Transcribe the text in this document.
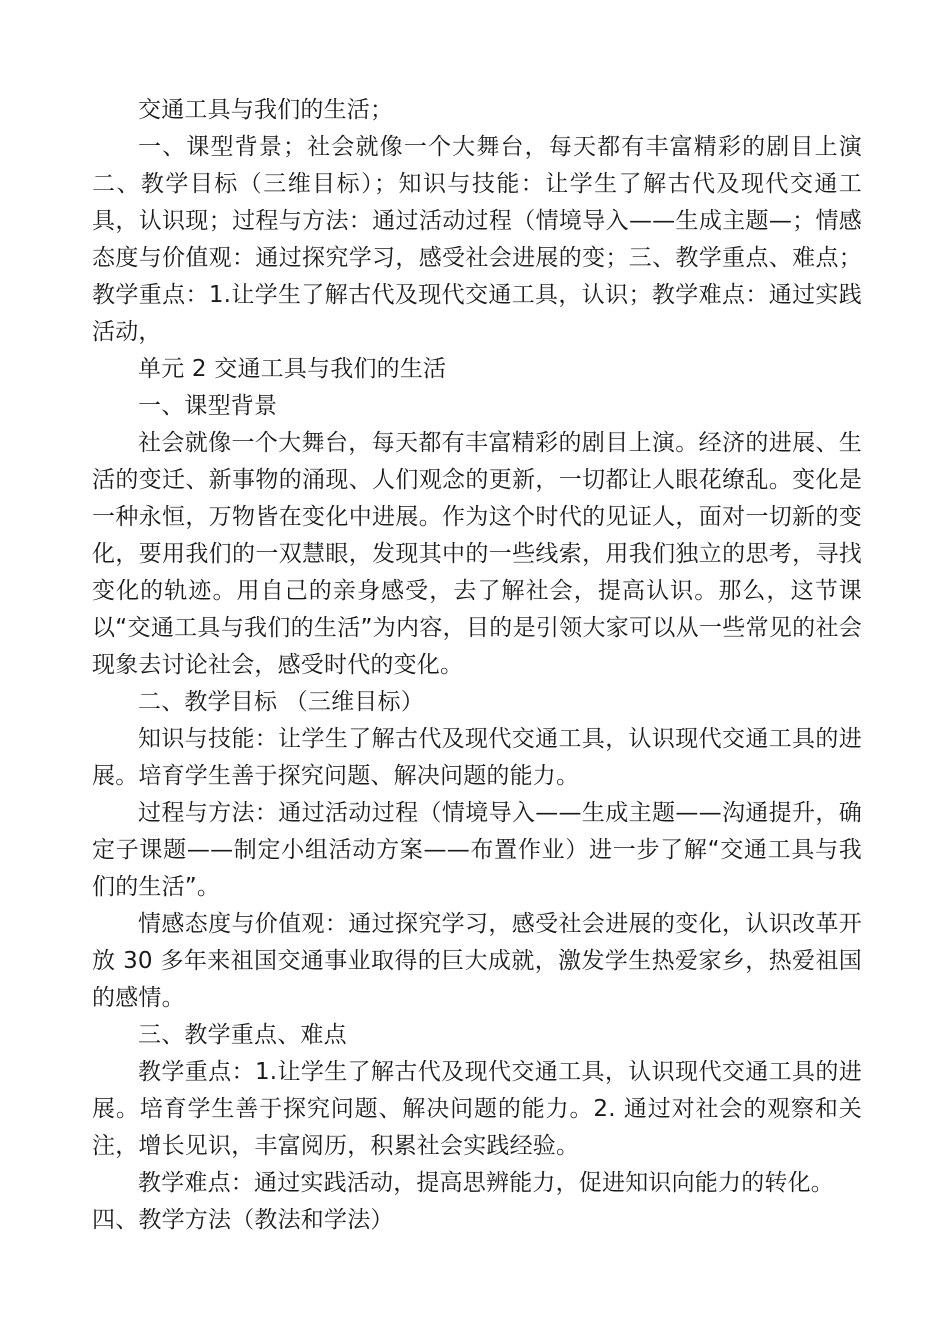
交通工具与我们的生活；

一、课型背景；社会就像一个大舞台，每天都有丰富精彩的剧目上演二、教学目标（三维目标）；知识与技能：让学生了解古代及现代交通工具，认识现；过程与方法：通过活动过程（情境导入——生成主题—；情感态度与价值观：通过探究学习，感受社会进展的变；三、教学重点、难点；教学重点：1.让学生了解古代及现代交通工具，认识；教学难点：通过实践活动，

单元 2 交通工具与我们的生活

一、课型背景

社会就像一个大舞台，每天都有丰富精彩的剧目上演。经济的进展、生活的变迁、新事物的涌现、人们观念的更新，一切都让人眼花缭乱。变化是一种永恒，万物皆在变化中进展。作为这个时代的见证人，面对一切新的变化，要用我们的一双慧眼，发现其中的一些线索，用我们独立的思考，寻找变化的轨迹。用自己的亲身感受，去了解社会，提高认识。那么，这节课以“交通工具与我们的生活”为内容，目的是引领大家可以从一些常见的社会现象去讨论社会，感受时代的变化。

二、教学目标 （三维目标）

知识与技能：让学生了解古代及现代交通工具，认识现代交通工具的进展。培育学生善于探究问题、解决问题的能力。

过程与方法：通过活动过程（情境导入——生成主题——沟通提升，确定子课题——制定小组活动方案——布置作业）进一步了解“交通工具与我们的生活”。

情感态度与价值观：通过探究学习，感受社会进展的变化，认识改革开放 30 多年来祖国交通事业取得的巨大成就，激发学生热爱家乡，热爱祖国的感情。

三、教学重点、难点

教学重点：1.让学生了解古代及现代交通工具，认识现代交通工具的进展。培育学生善于探究问题、解决问题的能力。2. 通过对社会的观察和关注，增长见识，丰富阅历，积累社会实践经验。

教学难点：通过实践活动，提高思辨能力，促进知识向能力的转化。

四、教学方法（教法和学法）
